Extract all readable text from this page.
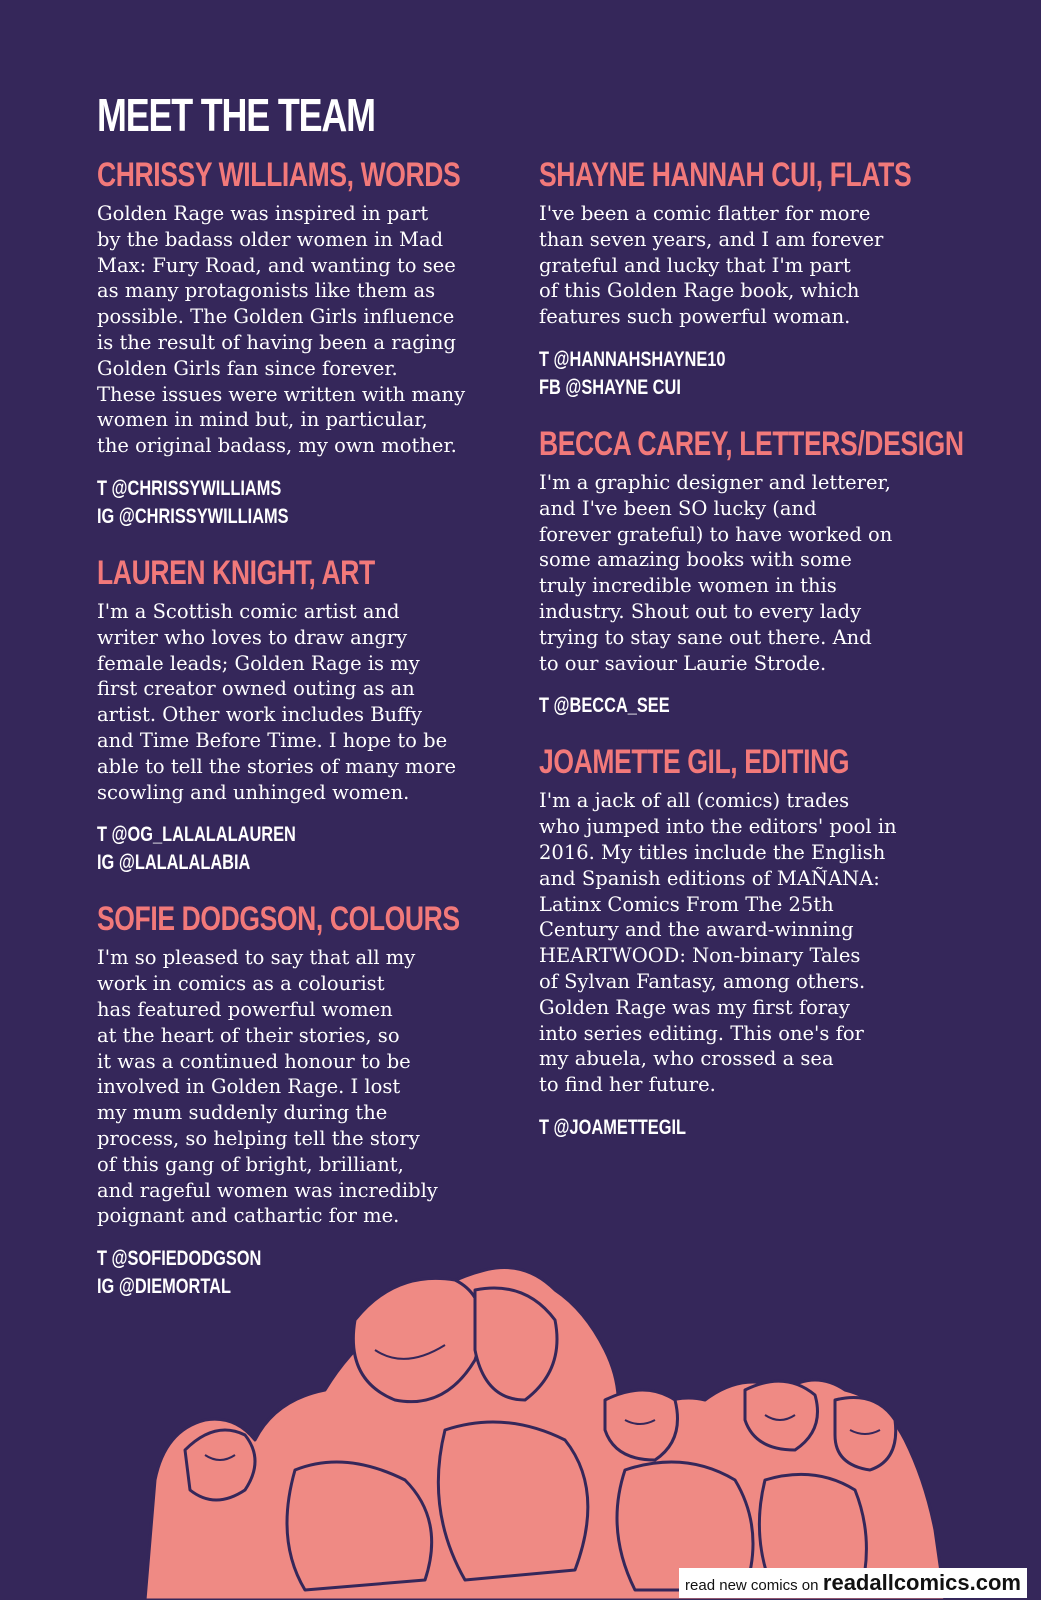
MEET THE TEAM
CHRISSY WILLIAMS, WORDS

Golden Rage was inspired in part
by the badass older women in Mad
Max: Fury Road, and wanting to see
as many protagonists like them as
possible. The Golden Girls influence
is the result of having been a raging
Golden Girls fan since forever.
These issues were written with many
women in mind but, in particular,
the original badass, my own mother.

T @CHRISSYWILLIAMS
IG @CHRISSYWILLIAMS
LAUREN KNIGHT, ART

I'm a Scottish comic artist and
writer who loves to draw angry
female leads; Golden Rage is my
first creator owned outing as an
artist. Other work includes Buffy
and Time Before Time. I hope to be
able to tell the stories of many more
scowling and unhinged women.

T @OG_LALALALAUREN
IG @LALALALABIA
SOFIE DODGSON, COLOURS

I'm so pleased to say that all my
work in comics as a colourist
has featured powerful women
at the heart of their stories, so
it was a continued honour to be
involved in Golden Rage. I lost
my mum suddenly during the
process, so helping tell the story
of this gang of bright, brilliant,
and rageful women was incredibly
poignant and cathartic for me.

T @SOFIEDODGSON
IG @DIEMORTAL
SHAYNE HANNAH CUI, FLATS

I've been a comic flatter for more
than seven years, and I am forever
grateful and lucky that I'm part
of this Golden Rage book, which
features such powerful woman.

T @HANNAHSHAYNE10
FB @SHAYNE CUI
BECCA CAREY, LETTERS/DESIGN

I'm a graphic designer and letterer,
and I've been SO lucky (and
forever grateful) to have worked on
some amazing books with some
truly incredible women in this
industry. Shout out to every lady
trying to stay sane out there. And
to our saviour Laurie Strode.

T @BECCA_SEE
JOAMETTE GIL, EDITING

I'm a jack of all (comics) trades
who jumped into the editors' pool in
2016. My titles include the English
and Spanish editions of MAÑANA:
Latinx Comics From The 25th
Century and the award-winning
HEARTWOOD: Non-binary Tales
of Sylvan Fantasy, among others.
Golden Rage was my first foray
into series editing. This one's for
my abuela, who crossed a sea
to find her future.

T @JOAMETTEGIL
read new comics on readallcomics.com
